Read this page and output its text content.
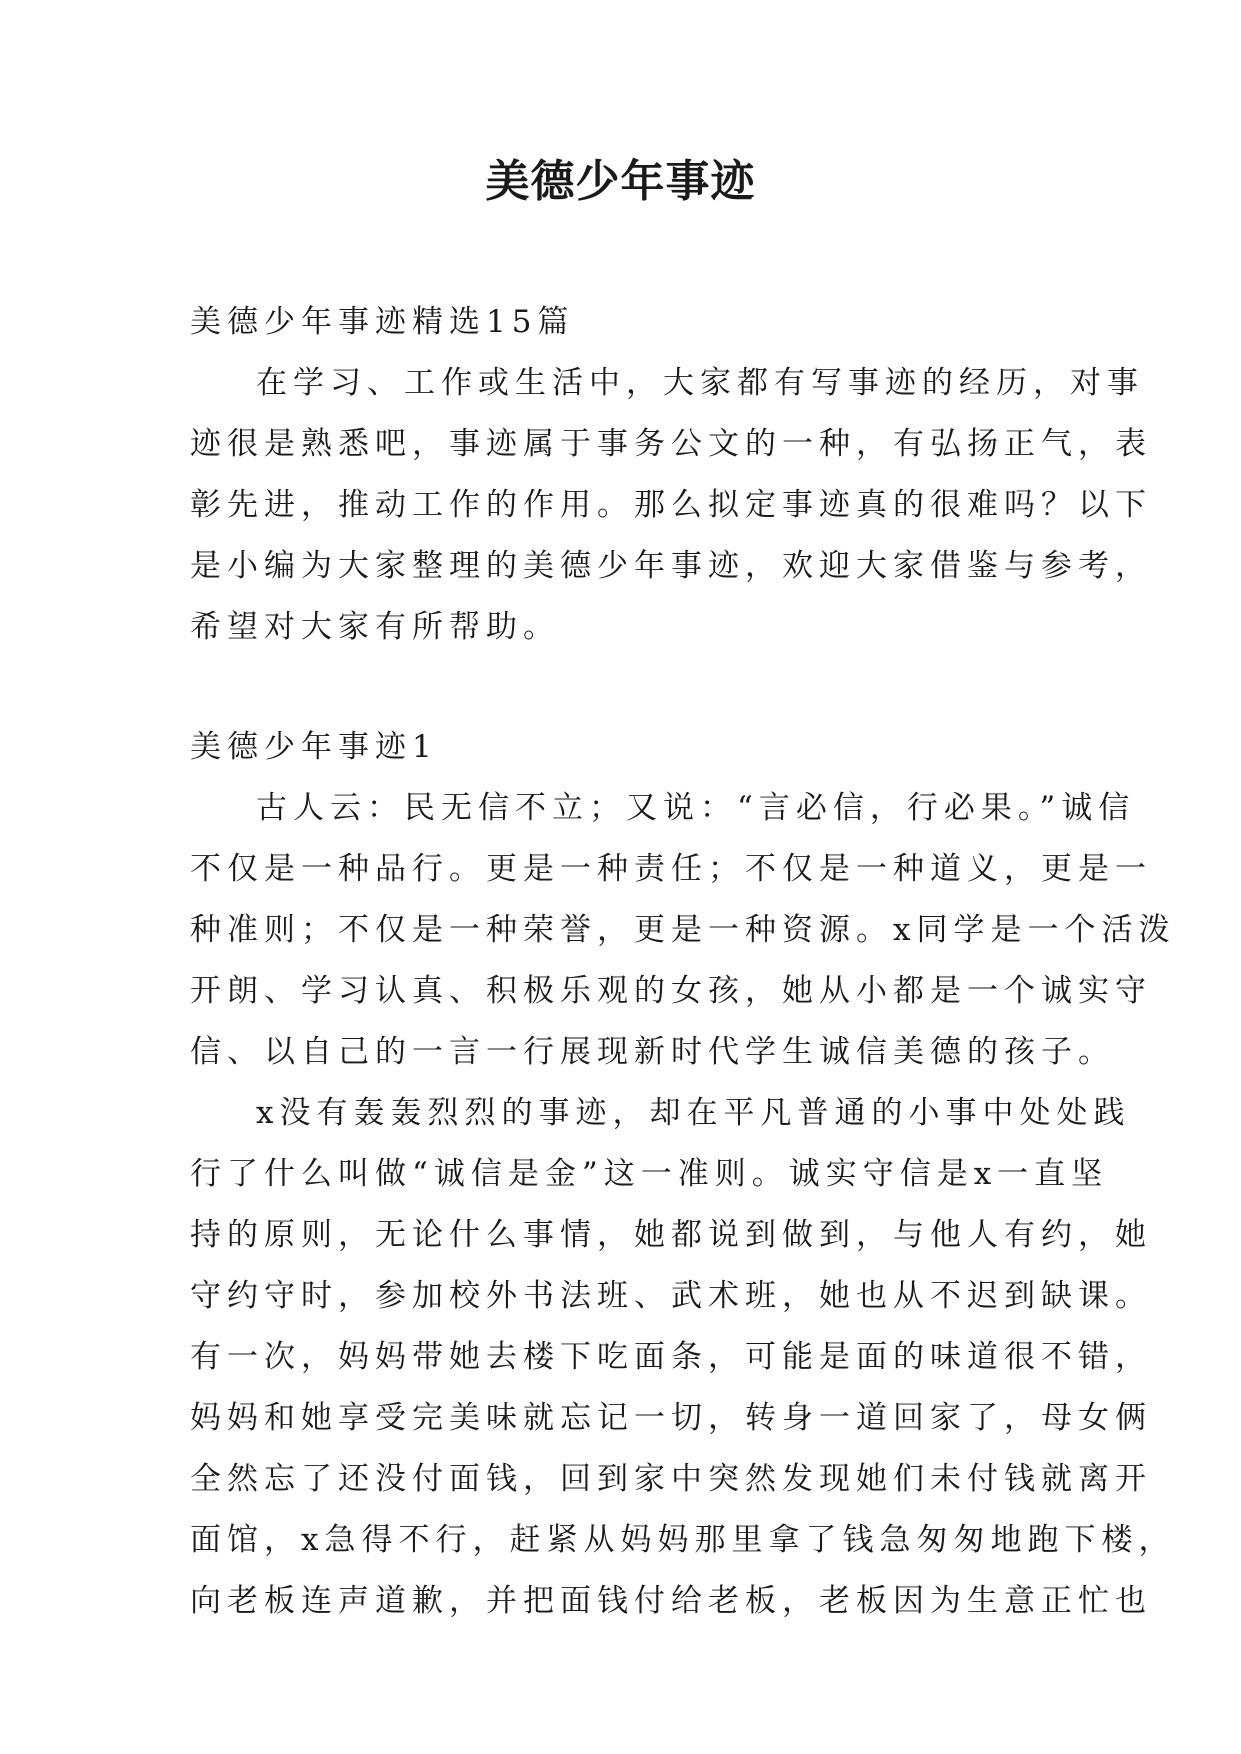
美德少年事迹

美德少年事迹精选15篇

在学习、工作或生活中，大家都有写事迹的经历，对事

迹很是熟悉吧，事迹属于事务公文的一种，有弘扬正气，表

彰先进，推动工作的作用。那么拟定事迹真的很难吗？以下

是小编为大家整理的美德少年事迹，欢迎大家借鉴与参考，

希望对大家有所帮助。

美德少年事迹1

古人云：民无信不立；又说：“言必信，行必果。”诚信

不仅是一种品行。更是一种责任；不仅是一种道义，更是一

种准则；不仅是一种荣誉，更是一种资源。x同学是一个活泼

开朗、学习认真、积极乐观的女孩，她从小都是一个诚实守

信、以自己的一言一行展现新时代学生诚信美德的孩子。

x没有轰轰烈烈的事迹，却在平凡普通的小事中处处践

行了什么叫做“诚信是金”这一准则。诚实守信是x一直坚

持的原则，无论什么事情，她都说到做到，与他人有约，她

守约守时，参加校外书法班、武术班，她也从不迟到缺课。

有一次，妈妈带她去楼下吃面条，可能是面的味道很不错，

妈妈和她享受完美味就忘记一切，转身一道回家了，母女俩

全然忘了还没付面钱，回到家中突然发现她们未付钱就离开

面馆，x急得不行，赶紧从妈妈那里拿了钱急匆匆地跑下楼，

向老板连声道歉，并把面钱付给老板，老板因为生意正忙也
